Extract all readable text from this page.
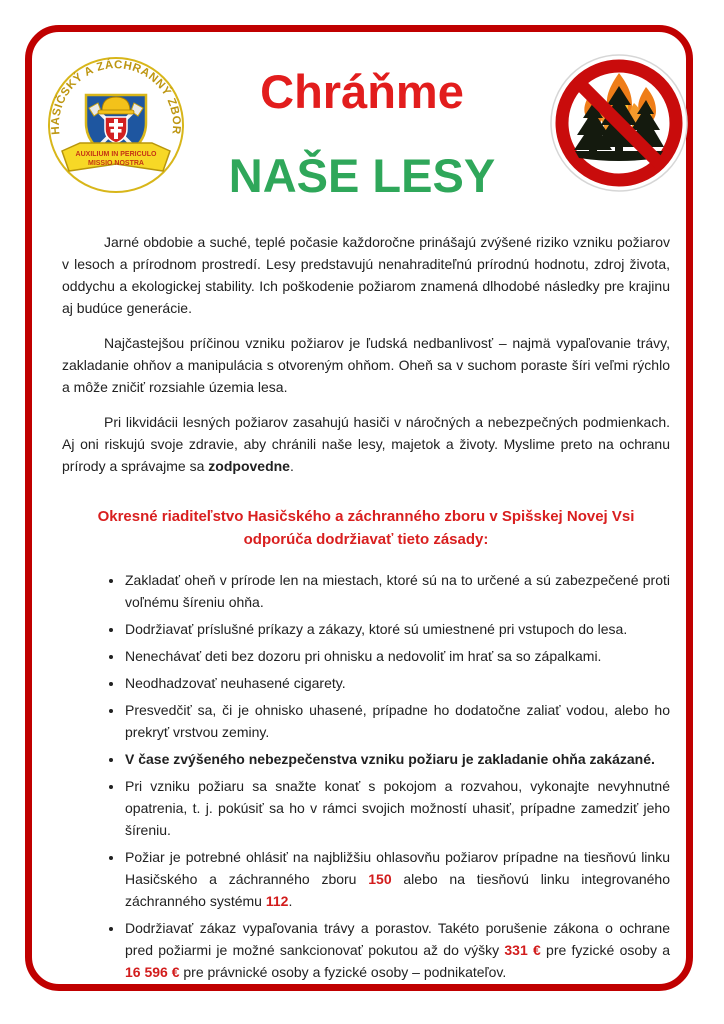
HASIČSKÝ A ZÁCHRANNÝ ZBOR
AUXILIUM IN PERICULO
MISSIO NOSTRA
Chráňme
NAŠE LESY

Jarné obdobie a suché, teplé počasie každoročne prinášajú zvýšené riziko vzniku požiarov v lesoch a prírodnom prostredí. Lesy predstavujú nenahraditeľnú prírodnú hodnotu, zdroj života, oddychu a ekologickej stability. Ich poškodenie požiarom znamená dlhodobé následky pre krajinu aj budúce generácie.

Najčastejšou príčinou vzniku požiarov je ľudská nedbanlivosť – najmä vypaľovanie trávy, zakladanie ohňov a manipulácia s otvoreným ohňom. Oheň sa v suchom poraste šíri veľmi rýchlo a môže zničiť rozsiahle územia lesa.

Pri likvidácii lesných požiarov zasahujú hasiči v náročných a nebezpečných podmienkach. Aj oni riskujú svoje zdravie, aby chránili naše lesy, majetok a životy. Myslime preto na ochranu prírody a správajme sa zodpovedne.

Okresné riaditeľstvo Hasičského a záchranného zboru v Spišskej Novej Vsi odporúča dodržiavať tieto zásady:
• Zakladať oheň v prírode len na miestach, ktoré sú na to určené a sú zabezpečené proti voľnému šíreniu ohňa.
• Dodržiavať príslušné príkazy a zákazy, ktoré sú umiestnené pri vstupoch do lesa.
• Nenechávať deti bez dozoru pri ohnisku a nedovoliť im hrať sa so zápalkami.
• Neodhadzovať neuhasené cigarety.
• Presvedčiť sa, či je ohnisko uhasené, prípadne ho dodatočne zaliať vodou, alebo ho prekryť vrstvou zeminy.
• V čase zvýšeného nebezpečenstva vzniku požiaru je zakladanie ohňa zakázané.
• Pri vzniku požiaru sa snažte konať s pokojom a rozvahou, vykonajte nevyhnutné opatrenia, t. j. pokúsiť sa ho v rámci svojich možností uhasiť, prípadne zamedziť jeho šíreniu.
• Požiar je potrebné ohlásiť na najbližšiu ohlasovňu požiarov prípadne na tiesňovú linku Hasičského a záchranného zboru 150 alebo na tiesňovú linku integrovaného záchranného systému 112.
• Dodržiavať zákaz vypaľovania trávy a porastov. Takéto porušenie zákona o ochrane pred požiarmi je možné sankcionovať pokutou až do výšky 331 € pre fyzické osoby a 16 596 € pre právnické osoby a fyzické osoby – podnikateľov.
